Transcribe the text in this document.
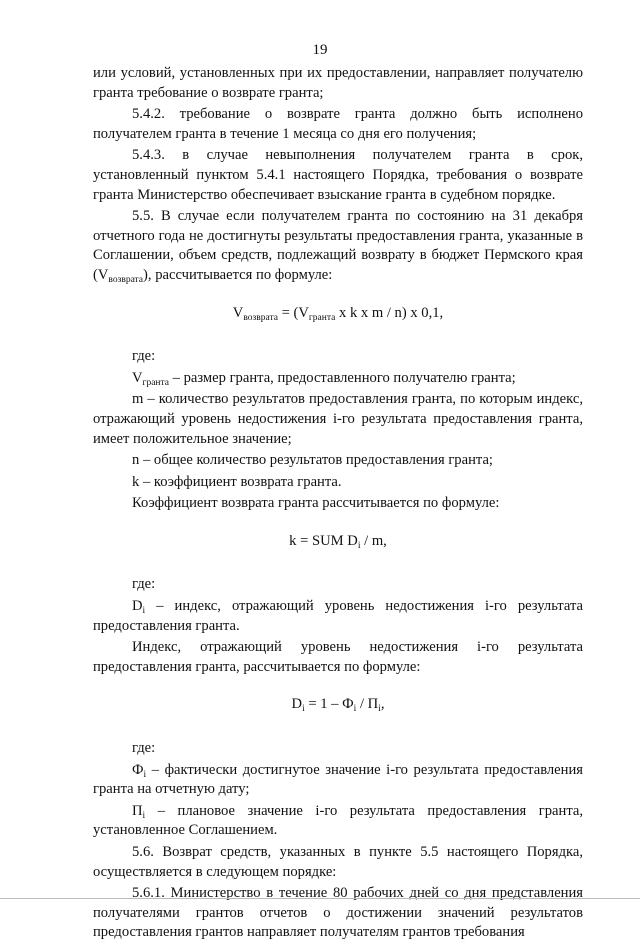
19

или условий, установленных при их предоставлении, направляет получателю гранта требование о возврате гранта;

5.4.2. требование о возврате гранта должно быть исполнено получателем гранта в течение 1 месяца со дня его получения;

5.4.3. в случае невыполнения получателем гранта в срок, установленный пунктом 5.4.1 настоящего Порядка, требования о возврате гранта Министерство обеспечивает взыскание гранта в судебном порядке.

5.5. В случае если получателем гранта по состоянию на 31 декабря отчетного года не достигнуты результаты предоставления гранта, указанные в Соглашении, объем средств, подлежащий возврату в бюджет Пермского края $(V_{возврата})$, рассчитывается по формуле:

$V_{возврата} = (V_{гранта}$ x k x m / n) x 0,1,

где:

$V_{гранта}$ – размер гранта, предоставленного получателю гранта;

m – количество результатов предоставления гранта, по которым индекс, отражающий уровень недостижения i-го результата предоставления гранта, имеет положительное значение;

n – общее количество результатов предоставления гранта;

k – коэффициент возврата гранта.

Коэффициент возврата гранта рассчитывается по формуле:

k = SUM $D_i$ / m,

где:

$D_i$ – индекс, отражающий уровень недостижения i-го результата предоставления гранта.

Индекс, отражающий уровень недостижения i-го результата предоставления гранта, рассчитывается по формуле:

$D_i = 1 - Ф_i / П_i$,

где:

$Ф_i$ – фактически достигнутое значение i-го результата предоставления гранта на отчетную дату;

$П_i$ – плановое значение i-го результата предоставления гранта, установленное Соглашением.

5.6. Возврат средств, указанных в пункте 5.5 настоящего Порядка, осуществляется в следующем порядке:

5.6.1. Министерство в течение 80 рабочих дней со дня представления получателями грантов отчетов о достижении значений результатов предоставления грантов направляет получателям грантов требования
